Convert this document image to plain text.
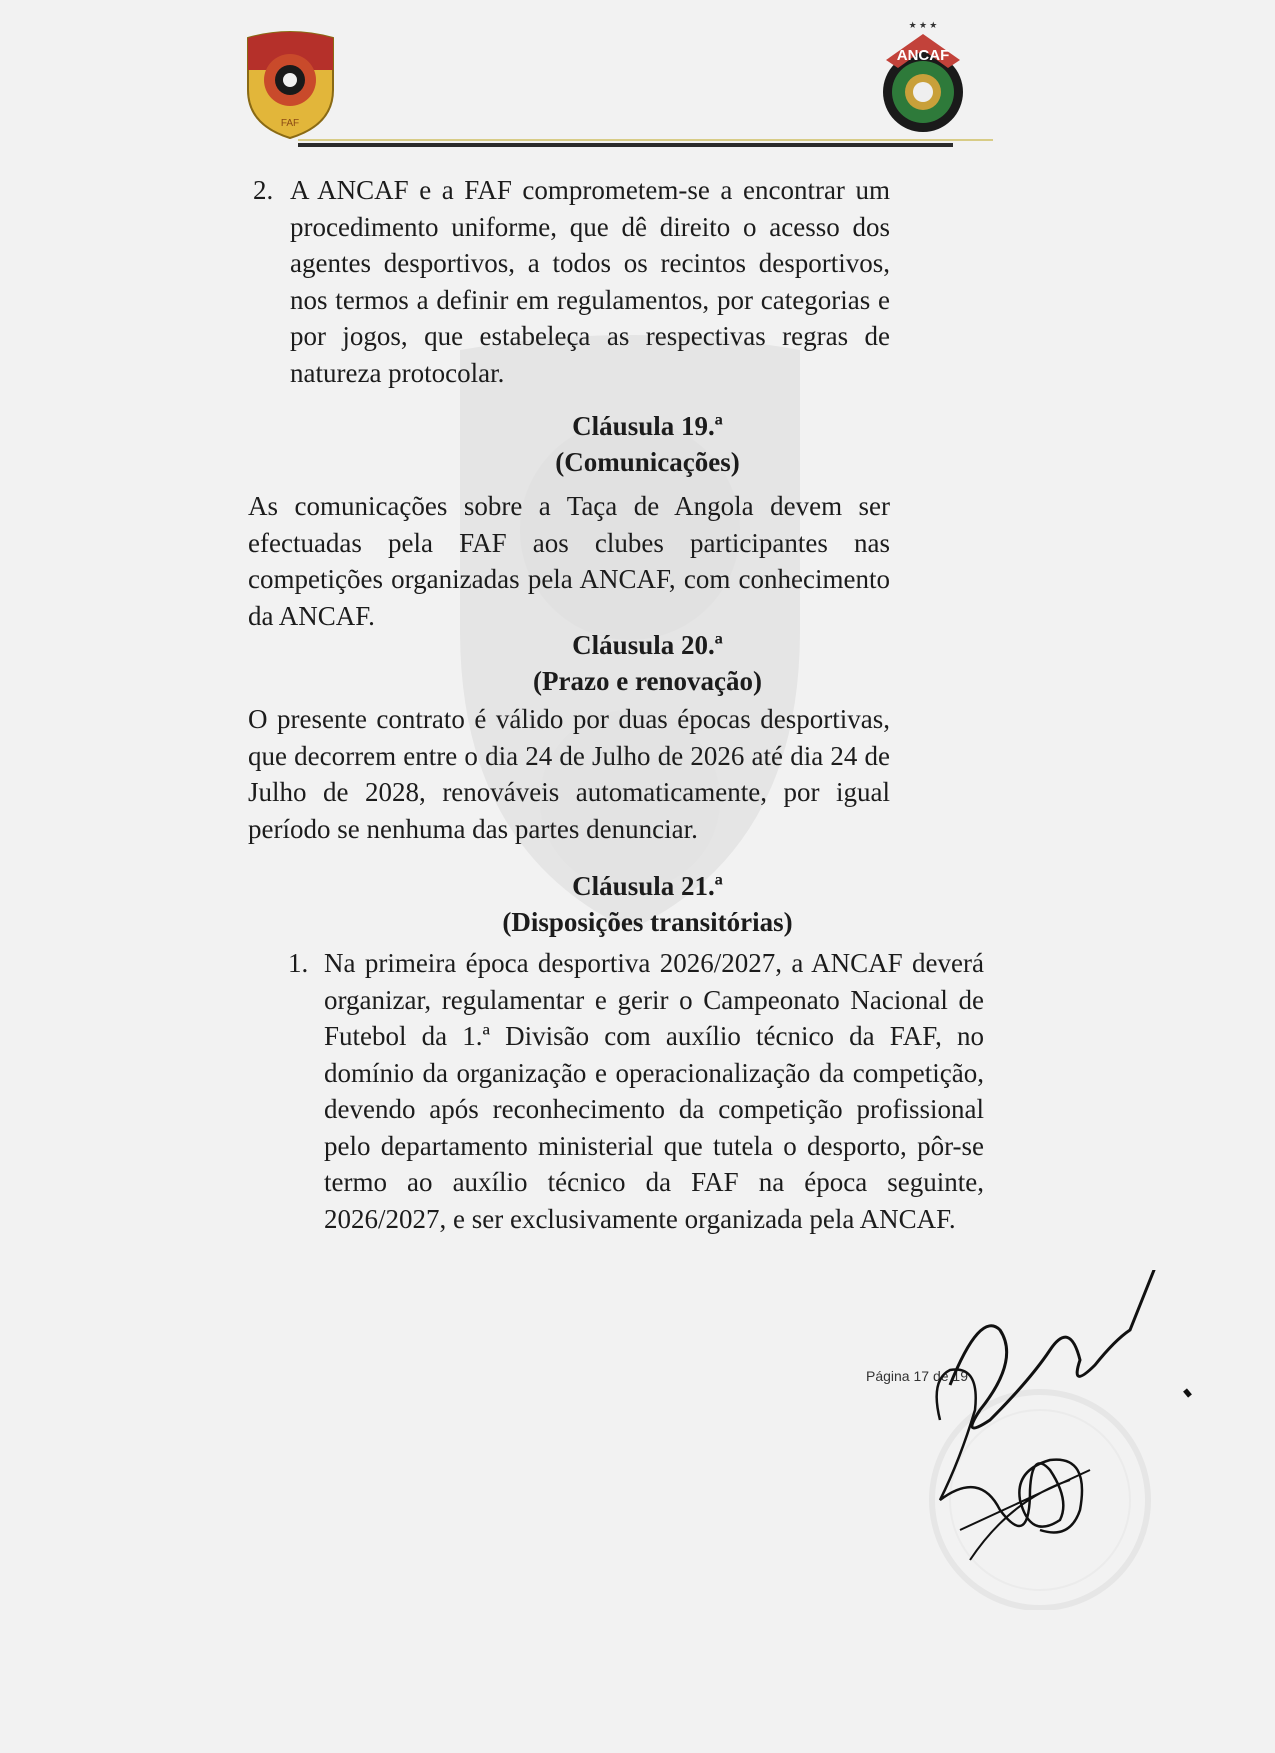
FAF
ANCAF
★ ★ ★
2. A ANCAF e a FAF comprometem-se a encontrar um procedimento uniforme, que dê direito o acesso dos agentes desportivos, a todos os recintos desportivos, nos termos a definir em regulamentos, por categorias e por jogos, que estabeleça as respectivas regras de natureza protocolar.
Cláusula 19.ª
(Comunicações)
As comunicações sobre a Taça de Angola devem ser efectuadas pela FAF aos clubes participantes nas competições organizadas pela ANCAF, com conhecimento da ANCAF.
Cláusula 20.ª
(Prazo e renovação)
O presente contrato é válido por duas épocas desportivas, que decorrem entre o dia 24 de Julho de 2026 até dia 24 de Julho de 2028, renováveis automaticamente, por igual período se nenhuma das partes denunciar.
Cláusula 21.ª
(Disposições transitórias)
1. Na primeira época desportiva 2026/2027, a ANCAF deverá organizar, regulamentar e gerir o Campeonato Nacional de Futebol da 1.ª Divisão com auxílio técnico da FAF, no domínio da organização e operacionalização da competição, devendo após reconhecimento da competição profissional pelo departamento ministerial que tutela o desporto, pôr-se termo ao auxílio técnico da FAF na época seguinte, 2026/2027, e ser exclusivamente organizada pela ANCAF.
Página 17 de 19
